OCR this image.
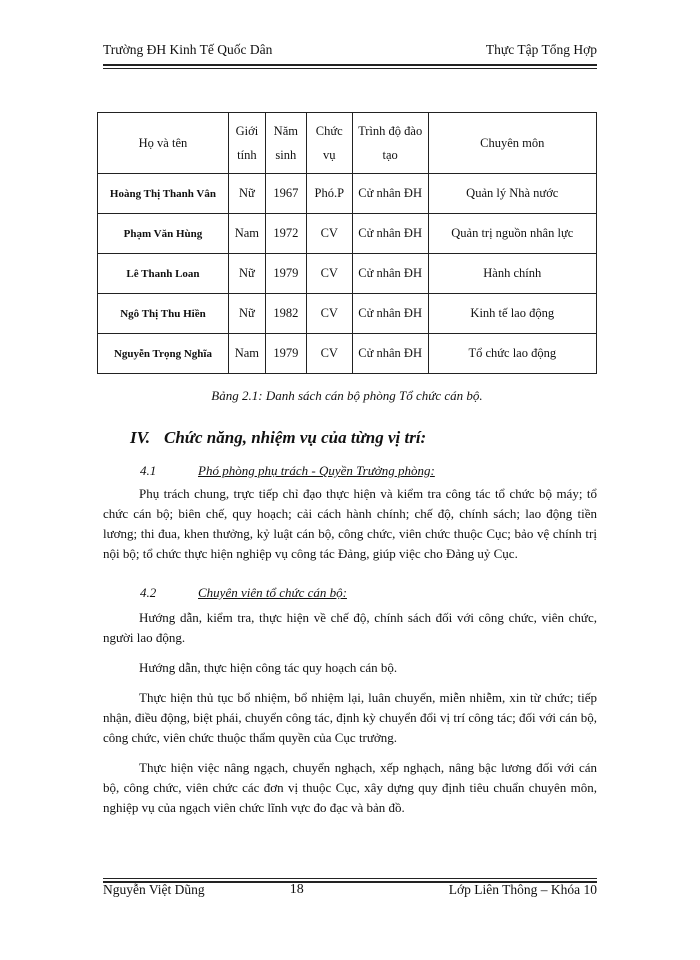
Trường ĐH Kinh Tế Quốc Dân	Thực Tập Tổng Hợp
Họ và tên	Giới tính	Năm sinh	Chức vụ	Trình độ đào tạo	Chuyên môn
Hoàng Thị Thanh Vân	Nữ	1967	Phó.P	Cử nhân ĐH	Quản lý Nhà nước
Phạm Văn Hùng	Nam	1972	CV	Cử nhân ĐH	Quản trị nguồn nhân lực
Lê Thanh Loan	Nữ	1979	CV	Cử nhân ĐH	Hành chính
Ngô Thị Thu Hiền	Nữ	1982	CV	Cử nhân ĐH	Kinh tế lao động
Nguyễn Trọng Nghĩa	Nam	1979	CV	Cử nhân ĐH	Tổ chức lao động
Bảng 2.1: Danh sách cán bộ phòng Tổ chức cán bộ.
IV. Chức năng, nhiệm vụ của từng vị trí:
4.1	Phó phòng phụ trách - Quyền Trưởng phòng:

Phụ trách chung, trực tiếp chỉ đạo thực hiện và kiểm tra công tác tổ chức bộ máy; tổ chức cán bộ; biên chế, quy hoạch; cải cách hành chính; chế độ, chính sách; lao động tiền lương; thi đua, khen thưởng, kỷ luật cán bộ, công chức, viên chức thuộc Cục; bảo vệ chính trị nội bộ; tổ chức thực hiện nghiệp vụ công tác Đảng, giúp việc cho Đảng uỷ Cục.

4.2	Chuyên viên tổ chức cán bộ:

Hướng dẫn, kiểm tra, thực hiện về chế độ, chính sách đối với công chức, viên chức, người lao động.

Hướng dẫn, thực hiện công tác quy hoạch cán bộ.

Thực hiện thủ tục bổ nhiệm, bổ nhiệm lại, luân chuyển, miễn nhiễm, xin từ chức; tiếp nhận, điều động, biệt phái, chuyển công tác, định kỳ chuyển đổi vị trí công tác; đối với cán bộ, công chức, viên chức thuộc thẩm quyền của Cục trưởng.

Thực hiện việc nâng ngạch, chuyển nghạch, xếp nghạch, nâng bậc lương đối với cán bộ, công chức, viên chức các đơn vị thuộc Cục, xây dựng quy định tiêu chuẩn chuyên môn, nghiệp vụ của ngạch viên chức lĩnh vực đo đạc và bản đồ.

Nguyễn Việt Dũng	18	Lớp Liên Thông – Khóa 10
